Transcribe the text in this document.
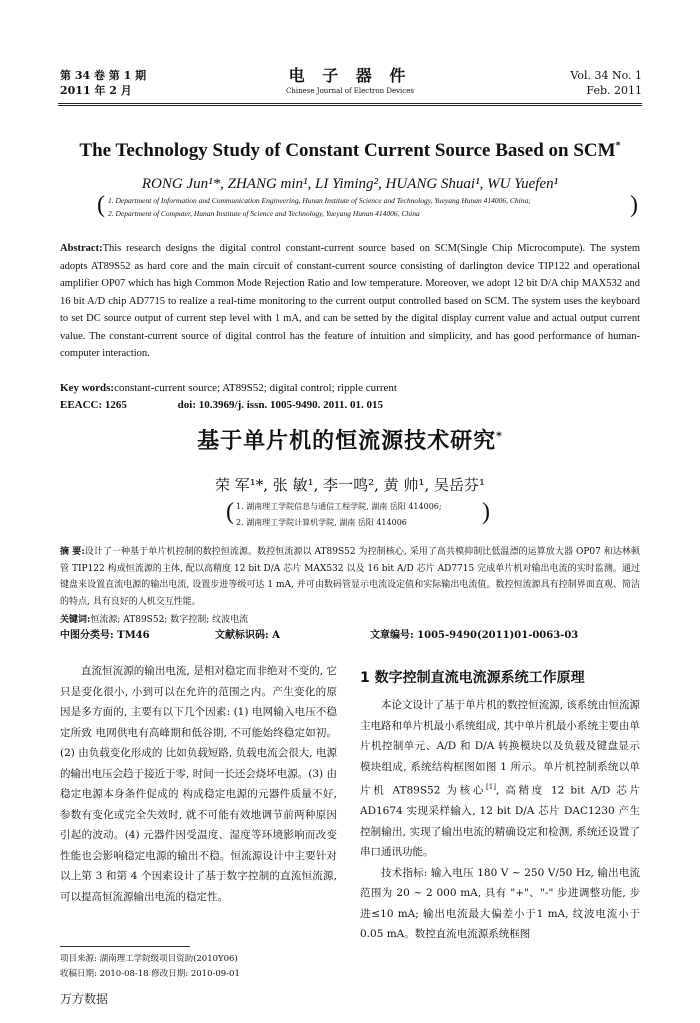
第 34 卷 第 1 期
2011 年 2 月
电 子 器 件
Chinese Journal of Electron Devices
Vol. 34 No. 1
Feb. 2011
The Technology Study of Constant Current Source Based on SCM*
RONG Jun¹*, ZHANG min¹, LI Yiming², HUANG Shuai¹, WU Yuefen¹
1. Department of Information and Communication Engineering, Hunan Institute of Science and Technology, Yueyang Hunan 414006, China;
2. Department of Computer, Hunan Institute of Science and Technology, Yueyang Hunan 414006, China
(	)
Abstract:This research designs the digital control constant-current source based on SCM(Single Chip Microcompute). The system adopts AT89S52 as hard core and the main circuit of constant-current source consisting of darlington device TIP122 and operational amplifier OP07 which has high Common Mode Rejection Ratio and low temperature. Moreover, we adopt 12 bit D/A chip MAX532 and 16 bit A/D chip AD7715 to realize a real-time monitoring to the current output controlled based on SCM. The system uses the keyboard to set DC source output of current step level with 1 mA, and can be setted by the digital display current value and actual output current value. The constant-current source of digital control has the feature of intuition and simplicity, and has good performance of human-computer interaction.
Key words:constant-current source; AT89S52; digital control; ripple current
EEACC: 1265	doi: 10.3969/j. issn. 1005-9490. 2011. 01. 015
基于单片机的恒流源技术研究*
荣 军¹*, 张 敏¹, 李一鸣², 黄 帅¹, 吴岳芬¹
1. 湖南理工学院信息与通信工程学院, 湖南 岳阳 414006;
2. 湖南理工学院计算机学院, 湖南 岳阳 414006
(	)
摘 要:设计了一种基于单片机控制的数控恒流源。数控恒流源以 AT89S52 为控制核心, 采用了高共模抑制比低温漂的运算放大器 OP07 和达林顿管 TIP122 构成恒流源的主体, 配以高精度 12 bit D/A 芯片 MAX532 以及 16 bit A/D 芯片 AD7715 完成单片机对输出电流的实时监测。通过键盘来设置直流电源的输出电流, 设置步进等级可达 1 mA, 并可由数码管显示电流设定值和实际输出电流值。数控恒流源具有控制界面直观、简洁的特点, 具有良好的人机交互性能。
关键词:恒流源; AT89S52; 数字控制; 纹波电流
中图分类号: TM46	文献标识码: A	文章编号: 1005-9490(2011)01-0063-03
直流恒流源的输出电流, 是相对稳定而非绝对不变的, 它只是变化很小, 小到可以在允许的范围之内。产生变化的原因是多方面的, 主要有以下几个因素: (1) 电网输入电压不稳定所致 电网供电有高峰期和低谷期, 不可能始终稳定如初。(2) 由负载变化形成的 比如负载短路, 负载电流会很大, 电源的输出电压会趋于接近于零, 时间一长还会烧坏电源。(3) 由稳定电源本身条件促成的 构成稳定电源的元器件质量不好, 参数有变化或完全失效时, 就不可能有效地调节前两种原因引起的波动。(4) 元器件因受温度、湿度等环境影响而改变性能也会影响稳定电源的输出不稳。恒流源设计中主要针对以上第 3 和第 4 个因素设计了基于数字控制的直流恒流源, 可以提高恒流源输出电流的稳定性。
1 数字控制直流电流源系统工作原理
本论文设计了基于单片机的数控恒流源, 该系统由恒流源主电路和单片机最小系统组成, 其中单片机最小系统主要由单片机控制单元、A/D 和 D/A 转换模块以及负载及键盘显示模块组成, 系统结构框图如图 1 所示。单片机控制系统以单片机 AT89S52 为核心[1], 高精度 12 bit A/D 芯片 AD1674 实现采样输入, 12 bit D/A 芯片 DAC1230 产生控制输出, 实现了输出电流的精确设定和检测, 系统还设置了串口通讯功能。
技术指标: 输入电压 180 V ~ 250 V/50 Hz, 输出电流范围为 20 ~ 2 000 mA, 具有 "+"、"-" 步进调整功能, 步进≤10 mA; 输出电流最大偏差小于1 mA, 纹波电流小于 0.05 mA。数控直流电流源系统框图
项目来源: 湖南理工学院级项目资助(2010Y06)
收稿日期: 2010-08-18 修改日期: 2010-09-01
万方数据
